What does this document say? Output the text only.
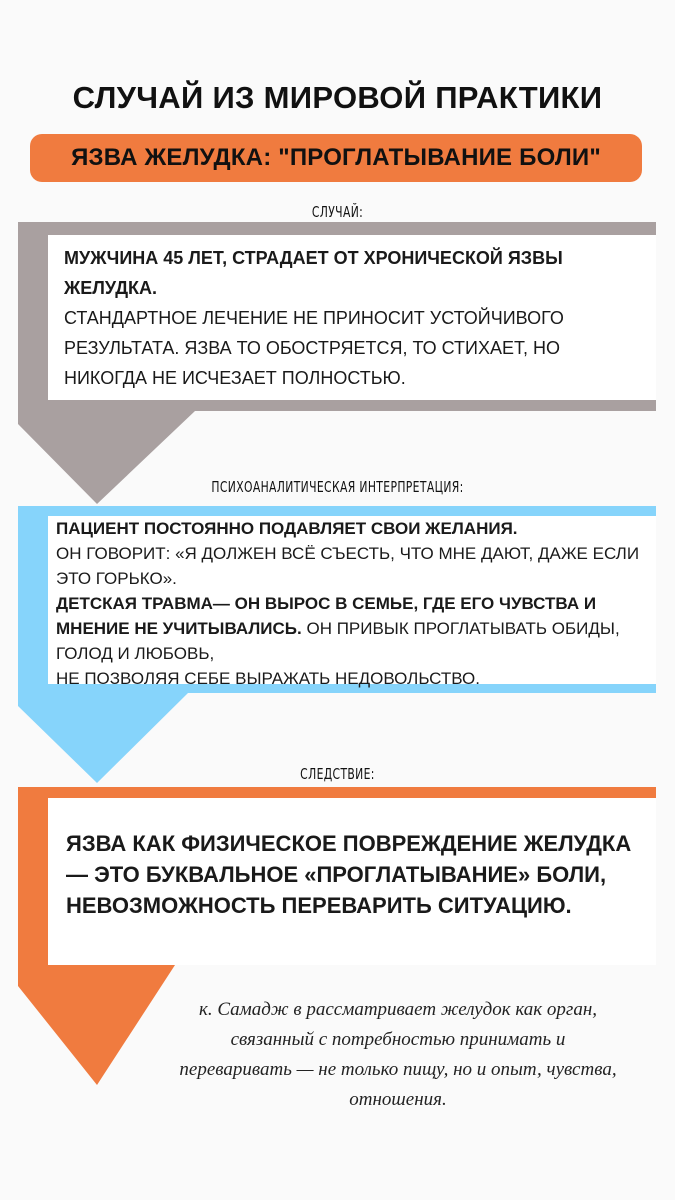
СЛУЧАЙ ИЗ МИРОВОЙ ПРАКТИКИ
ЯЗВА ЖЕЛУДКА: "ПРОГЛАТЫВАНИЕ БОЛИ"
СЛУЧАЙ:

МУЖЧИНА 45 ЛЕТ, СТРАДАЕТ ОТ ХРОНИЧЕСКОЙ ЯЗВЫ ЖЕЛУДКА.

СТАНДАРТНОЕ ЛЕЧЕНИЕ НЕ ПРИНОСИТ УСТОЙЧИВОГО РЕЗУЛЬТАТА. ЯЗВА ТО ОБОСТРЯЕТСЯ, ТО СТИХАЕТ, НО НИКОГДА НЕ ИСЧЕЗАЕТ ПОЛНОСТЬЮ.

ПСИХОАНАЛИТИЧЕСКАЯ ИНТЕРПРЕТАЦИЯ:

ПАЦИЕНТ ПОСТОЯННО ПОДАВЛЯЕТ СВОИ ЖЕЛАНИЯ.

ОН ГОВОРИТ: «Я ДОЛЖЕН ВСЁ СЪЕСТЬ, ЧТО МНЕ ДАЮТ, ДАЖЕ ЕСЛИ ЭТО ГОРЬКО».

ДЕТСКАЯ ТРАВМА— ОН ВЫРОС В СЕМЬЕ, ГДЕ ЕГО ЧУВСТВА И МНЕНИЕ НЕ УЧИТЫВАЛИСЬ. ОН ПРИВЫК ПРОГЛАТЫВАТЬ ОБИДЫ, ГОЛОД И ЛЮБОВЬ,

НЕ ПОЗВОЛЯЯ СЕБЕ ВЫРАЖАТЬ НЕДОВОЛЬСТВО.

СЛЕДСТВИЕ:

ЯЗВА КАК ФИЗИЧЕСКОЕ ПОВРЕЖДЕНИЕ ЖЕЛУДКА — ЭТО БУКВАЛЬНОЕ «ПРОГЛАТЫВАНИЕ» БОЛИ, НЕВОЗМОЖНОСТЬ ПЕРЕВАРИТЬ СИТУАЦИЮ.

к. Самадж в рассматривает желудок как орган, связанный с потребностью принимать и переваривать — не только пищу, но и опыт, чувства, отношения.
